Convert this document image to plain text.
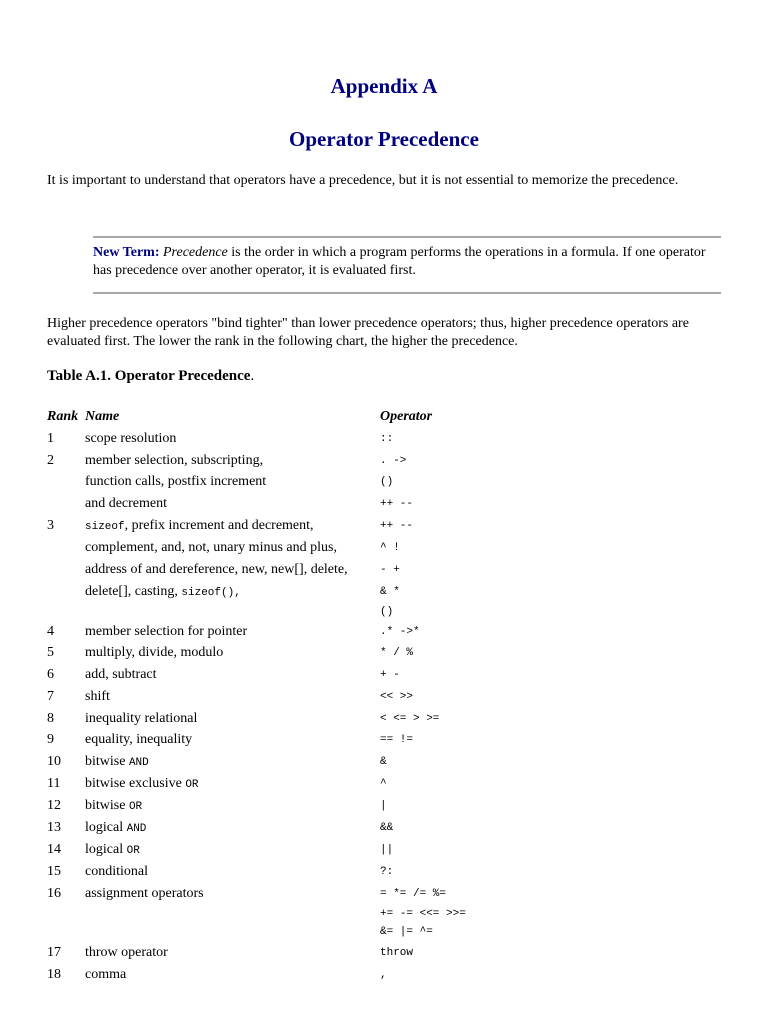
Appendix A
Operator Precedence

It is important to understand that operators have a precedence, but it is not essential to memorize the precedence.

New Term: Precedence is the order in which a program performs the operations in a formula. If one operator has precedence over another operator, it is evaluated first.

Higher precedence operators "bind tighter" than lower precedence operators; thus, higher precedence operators are evaluated first. The lower the rank in the following chart, the higher the precedence.

Table A.1. Operator Precedence.

Rank Name	Operator
1 scope resolution	::
2 member selection, subscripting,	. ->
function calls, postfix increment	()
and decrement	++ --
3	sizeof, prefix increment and decrement,	++ --
complement, and, not, unary minus and plus,	^ !
address of and dereference, new, new[], delete,	- +
delete[], casting, sizeof(),	& *
()
4 member selection for pointer	.* ->*
5 multiply, divide, modulo	* / %
6 add, subtract	+ -
7 shift	<< >>
8 inequality relational	< <= > >=
9 equality, inequality	== !=
10 bitwise AND	&
11 bitwise exclusive OR	^
12 bitwise OR	|
13 logical AND	&&
14 logical OR	||
15 conditional	?:
16 assignment operators	= *= /= %=
+= -= <<= >>=
&= |= ^=
17 throw operator	throw
18 comma	,
